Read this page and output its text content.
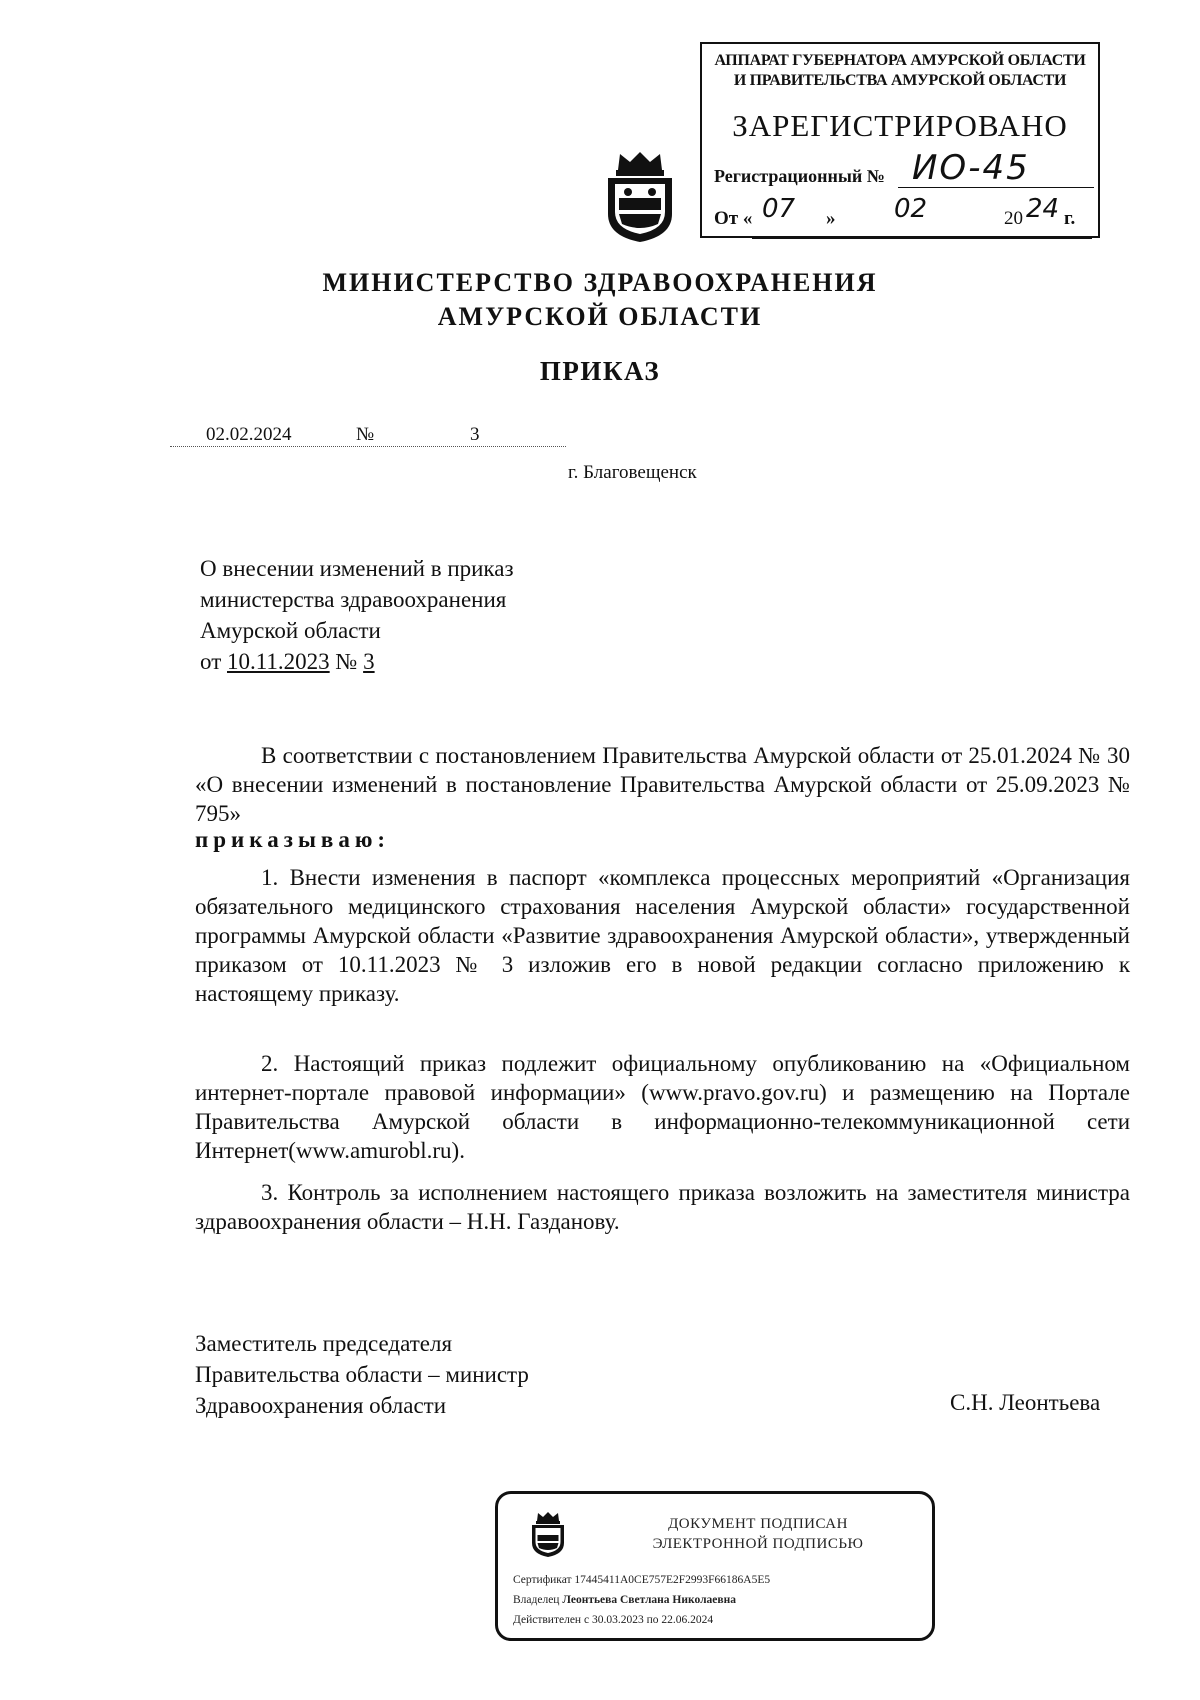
АППАРАТ ГУБЕРНАТОРА АМУРСКОЙ ОБЛАСТИ
И ПРАВИТЕЛЬСТВА АМУРСКОЙ ОБЛАСТИ
ЗАРЕГИСТРИРОВАНО
Регистрационный № ИО-45
От « 07 » 02	20 24 г.
МИНИСТЕРСТВО ЗДРАВООХРАНЕНИЯ
АМУРСКОЙ ОБЛАСТИ
ПРИКАЗ
02.02.2024	№	3
г. Благовещенск
О внесении изменений в приказ
министерства здравоохранения
Амурской области
от 10.11.2023 № 3
В соответствии с постановлением Правительства Амурской области от 25.01.2024 № 30 «О внесении изменений в постановление Правительства Амурской области от 25.09.2023 № 795»
приказываю:
1. Внести изменения в паспорт «комплекса процессных мероприятий «Организация обязательного медицинского страхования населения Амурской области» государственной программы Амурской области «Развитие здравоохранения Амурской области», утвержденный приказом от 10.11.2023 № 3 изложив его в новой редакции согласно приложению к настоящему приказу.
2. Настоящий приказ подлежит официальному опубликованию на «Официальном интернет-портале правовой информации» (www.pravo.gov.ru) и размещению на Портале Правительства Амурской области в информационно-телекоммуникационной сети Интернет(www.amurobl.ru).
3. Контроль за исполнением настоящего приказа возложить на заместителя министра здравоохранения области – Н.Н. Газданову.
Заместитель председателя
Правительства области – министр
Здравоохранения области	С.Н. Леонтьева
ДОКУМЕНТ ПОДПИСАН
ЭЛЕКТРОННОЙ ПОДПИСЬЮ
Сертификат 17445411A0CE757E2F2993F66186A5E5
Владелец Леонтьева Светлана Николаевна
Действителен с 30.03.2023 по 22.06.2024
